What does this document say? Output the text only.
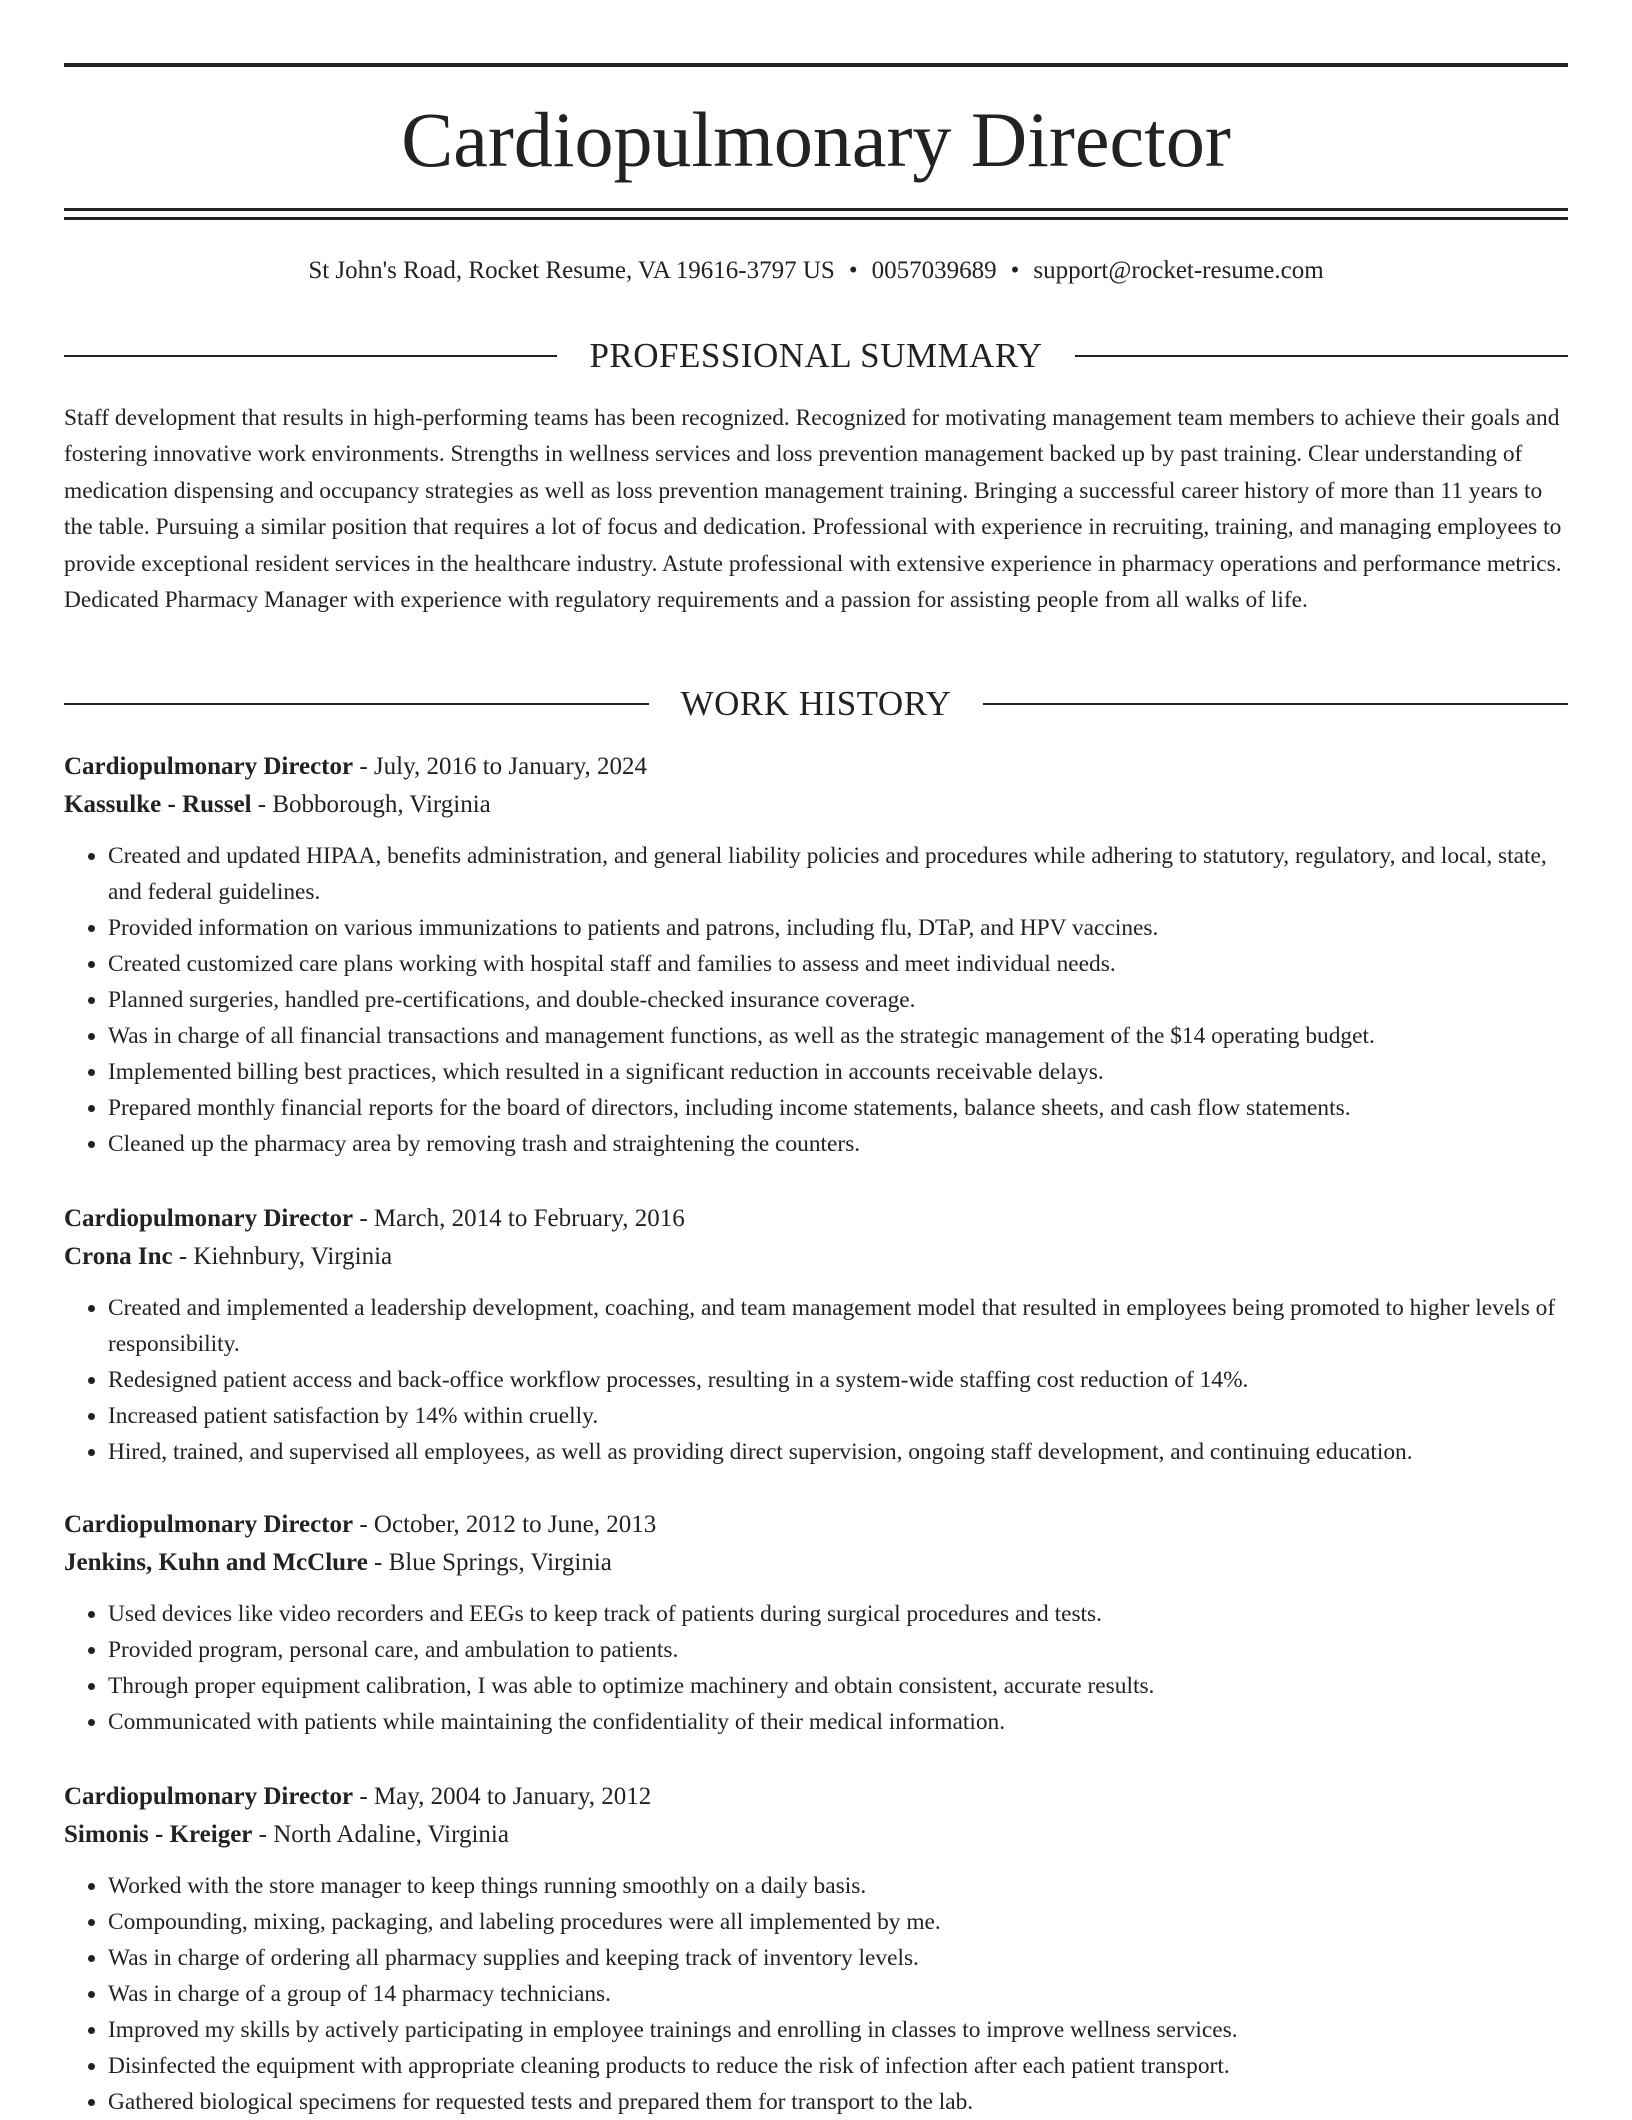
Cardiopulmonary Director
St John's Road, Rocket Resume, VA 19616-3797 US • 0057039689 • support@rocket-resume.com
PROFESSIONAL SUMMARY
Staff development that results in high-performing teams has been recognized. Recognized for motivating management team members to achieve their goals and fostering innovative work environments. Strengths in wellness services and loss prevention management backed up by past training. Clear understanding of medication dispensing and occupancy strategies as well as loss prevention management training. Bringing a successful career history of more than 11 years to the table. Pursuing a similar position that requires a lot of focus and dedication. Professional with experience in recruiting, training, and managing employees to provide exceptional resident services in the healthcare industry. Astute professional with extensive experience in pharmacy operations and performance metrics. Dedicated Pharmacy Manager with experience with regulatory requirements and a passion for assisting people from all walks of life.
WORK HISTORY
Cardiopulmonary Director - July, 2016 to January, 2024
Kassulke - Russel - Bobborough, Virginia
• Created and updated HIPAA, benefits administration, and general liability policies and procedures while adhering to statutory, regulatory, and local, state, and federal guidelines.
• Provided information on various immunizations to patients and patrons, including flu, DTaP, and HPV vaccines.
• Created customized care plans working with hospital staff and families to assess and meet individual needs.
• Planned surgeries, handled pre-certifications, and double-checked insurance coverage.
• Was in charge of all financial transactions and management functions, as well as the strategic management of the $14 operating budget.
• Implemented billing best practices, which resulted in a significant reduction in accounts receivable delays.
• Prepared monthly financial reports for the board of directors, including income statements, balance sheets, and cash flow statements.
• Cleaned up the pharmacy area by removing trash and straightening the counters.
Cardiopulmonary Director - March, 2014 to February, 2016
Crona Inc - Kiehnbury, Virginia
• Created and implemented a leadership development, coaching, and team management model that resulted in employees being promoted to higher levels of responsibility.
• Redesigned patient access and back-office workflow processes, resulting in a system-wide staffing cost reduction of 14%.
• Increased patient satisfaction by 14% within cruelly.
• Hired, trained, and supervised all employees, as well as providing direct supervision, ongoing staff development, and continuing education.
Cardiopulmonary Director - October, 2012 to June, 2013
Jenkins, Kuhn and McClure - Blue Springs, Virginia
• Used devices like video recorders and EEGs to keep track of patients during surgical procedures and tests.
• Provided program, personal care, and ambulation to patients.
• Through proper equipment calibration, I was able to optimize machinery and obtain consistent, accurate results.
• Communicated with patients while maintaining the confidentiality of their medical information.
Cardiopulmonary Director - May, 2004 to January, 2012
Simonis - Kreiger - North Adaline, Virginia
• Worked with the store manager to keep things running smoothly on a daily basis.
• Compounding, mixing, packaging, and labeling procedures were all implemented by me.
• Was in charge of ordering all pharmacy supplies and keeping track of inventory levels.
• Was in charge of a group of 14 pharmacy technicians.
• Improved my skills by actively participating in employee trainings and enrolling in classes to improve wellness services.
• Disinfected the equipment with appropriate cleaning products to reduce the risk of infection after each patient transport.
• Gathered biological specimens for requested tests and prepared them for transport to the lab.
